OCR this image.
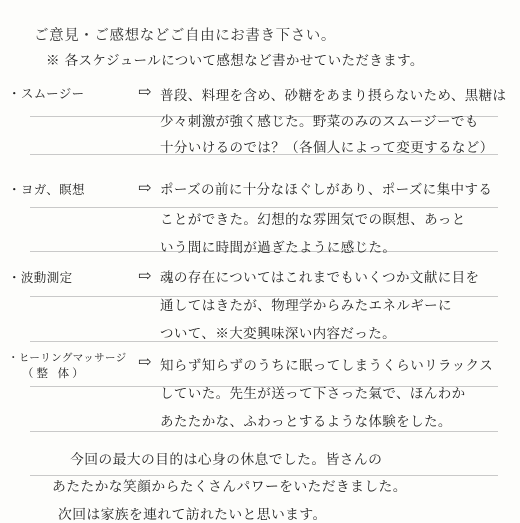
ご意見・ご感想などご自由にお書き下さい。
※ 各スケジュールについて感想など書かせていただきます。
・スムージー	⇨ 普段、料理を含め、砂糖をあまり摂らないため、黒糖は
少々刺激が強く感じた。野菜のみのスムージーでも
十分いけるのでは？（各個人によって変更するなど）
・ヨガ、瞑想	⇨ ポーズの前に十分なほぐしがあり、ポーズに集中する
ことができた。幻想的な雰囲気での瞑想、あっと
いう間に時間が過ぎたように感じた。
・波動測定	⇨ 魂の存在についてはこれまでもいくつか文献に目を
通してはきたが、物理学からみたエネルギーに
ついて、※大変興味深い内容だった。
・ヒーリングマッサージ
（整 体）
⇨ 知らず知らずのうちに眠ってしまうくらいリラックス
していた。先生が送って下さった氣で、ほんわか
あたたかな、ふわっとするような体験をした。
今回の最大の目的は心身の休息でした。皆さんの
あたたかな笑顔からたくさんパワーをいただきました。
次回は家族を連れて訪れたいと思います。
